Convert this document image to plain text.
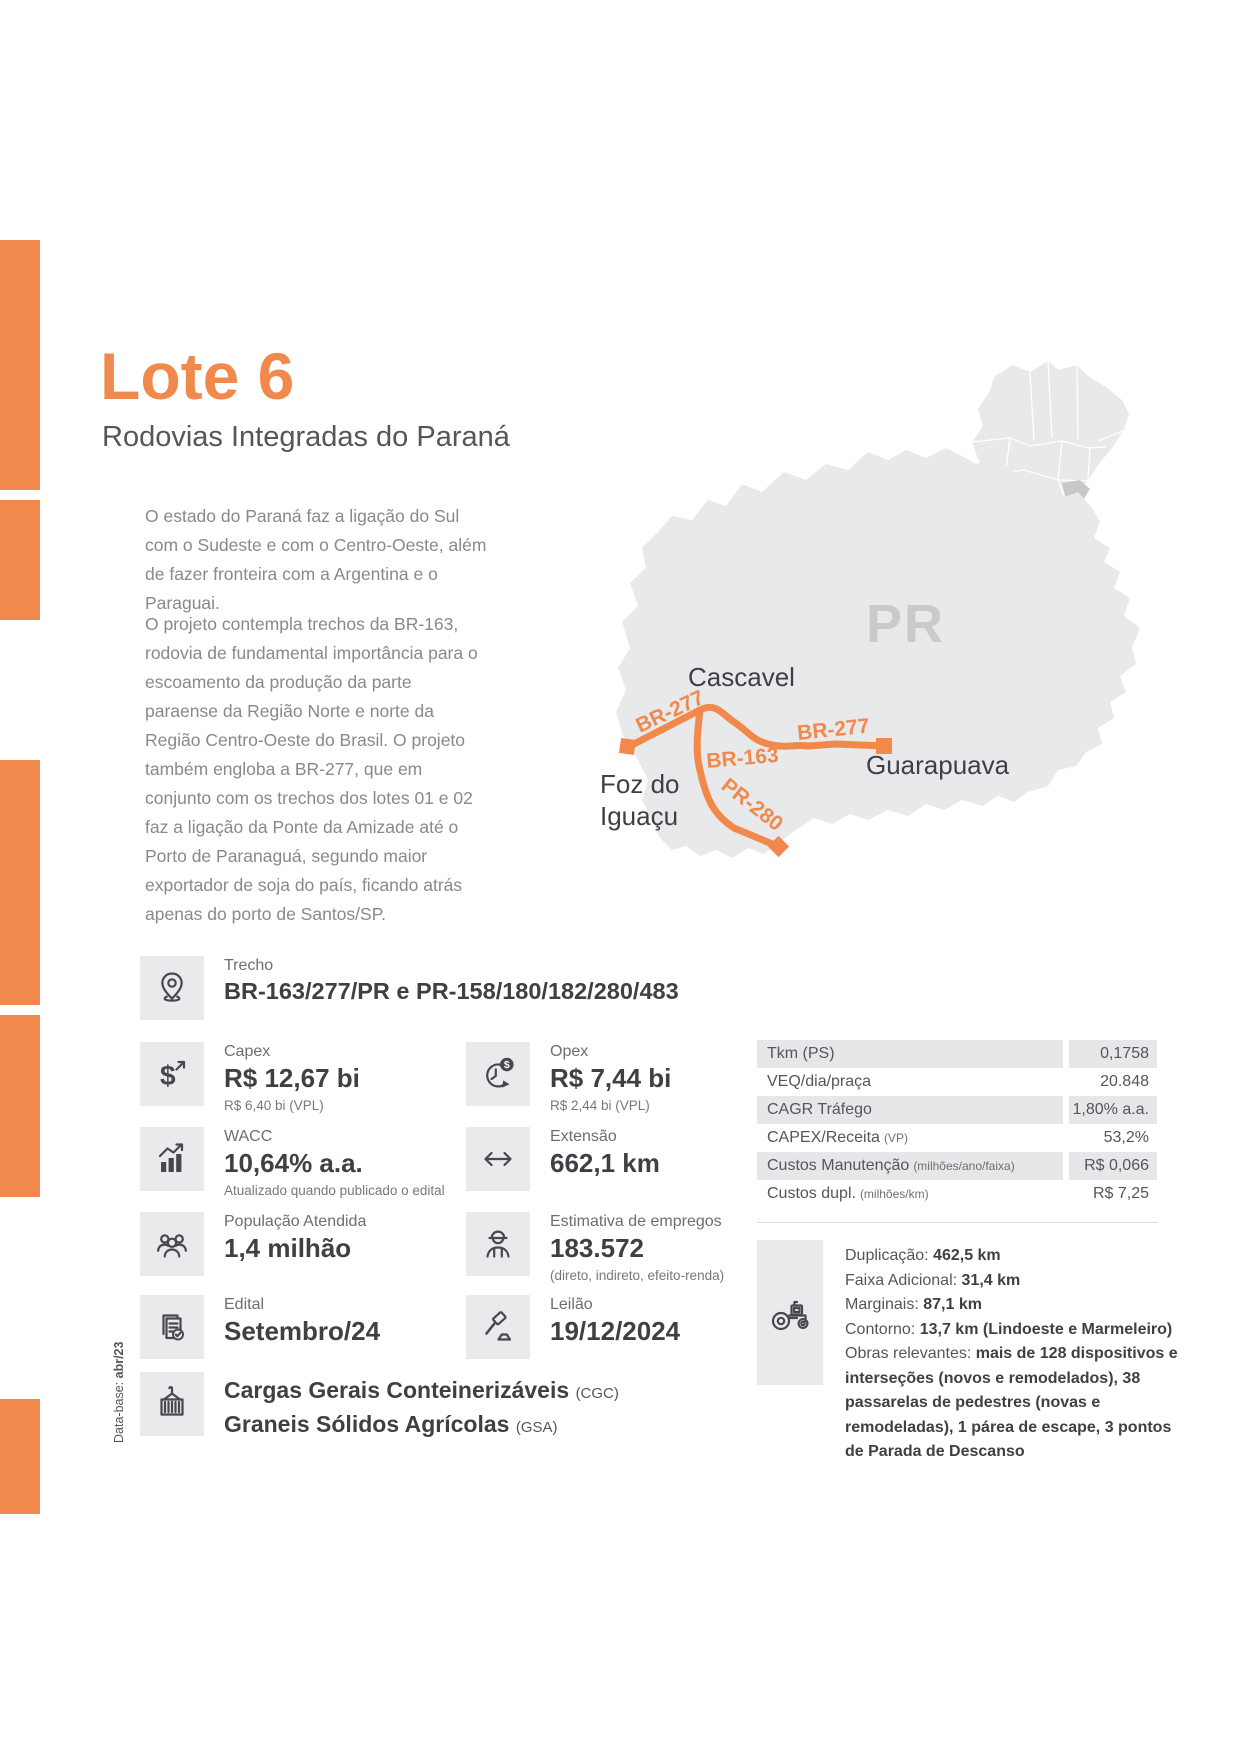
Lote 6
Rodovias Integradas do Paraná

O estado do Paraná faz a ligação do Sul com o Sudeste e com o Centro-Oeste, além de fazer fronteira com a Argentina e o Paraguai.

O projeto contempla trechos da BR-163, rodovia de fundamental importância para o escoamento da produção da parte paraense da Região Norte e norte da Região Centro-Oeste do Brasil. O projeto também engloba a BR-277, que em conjunto com os trechos dos lotes 01 e 02 faz a ligação da Ponte da Amizade até o Porto de Paranaguá, segundo maior exportador de soja do país, ficando atrás apenas do porto de Santos/SP.

PR
BR-277	BR-277
BR-163
PR-280
Cascavel
Foz do
Iguaçu
Guarapuava
Trecho
BR-163/277/PR e PR-158/180/182/280/483
$
Capex
R$ 12,67 bi
R$ 6,40 bi (VPL)
$
Opex
R$ 7,44 bi
R$ 2,44 bi (VPL)
WACC
10,64% a.a.
Atualizado quando publicado o edital
Extensão
662,1 km
População Atendida
1,4 milhão
Estimativa de empregos
183.572
(direto, indireto, efeito-renda)
Edital
Setembro/24
Leilão
19/12/2024
Cargas Gerais Conteinerizáveis (CGC)
Graneis Sólidos Agrícolas (GSA)
Tkm (PS)	0,1758
VEQ/dia/praça	20.848
CAGR Tráfego	1,80% a.a.
CAPEX/Receita (VP)	53,2%
Custos Manutenção (milhões/ano/faixa)	R$ 0,066
Custos dupl. (milhões/km)	R$ 7,25

Duplicação: 462,5 km

Faixa Adicional: 31,4 km

Marginais: 87,1 km

Contorno: 13,7 km (Lindoeste e Marmeleiro)

Obras relevantes: mais de 128 dispositivos e interseções (novos e remodelados), 38 passarelas de pedestres (novas e remodeladas), 1 párea de escape, 3 pontos de Parada de Descanso

Data-base: abr/23
